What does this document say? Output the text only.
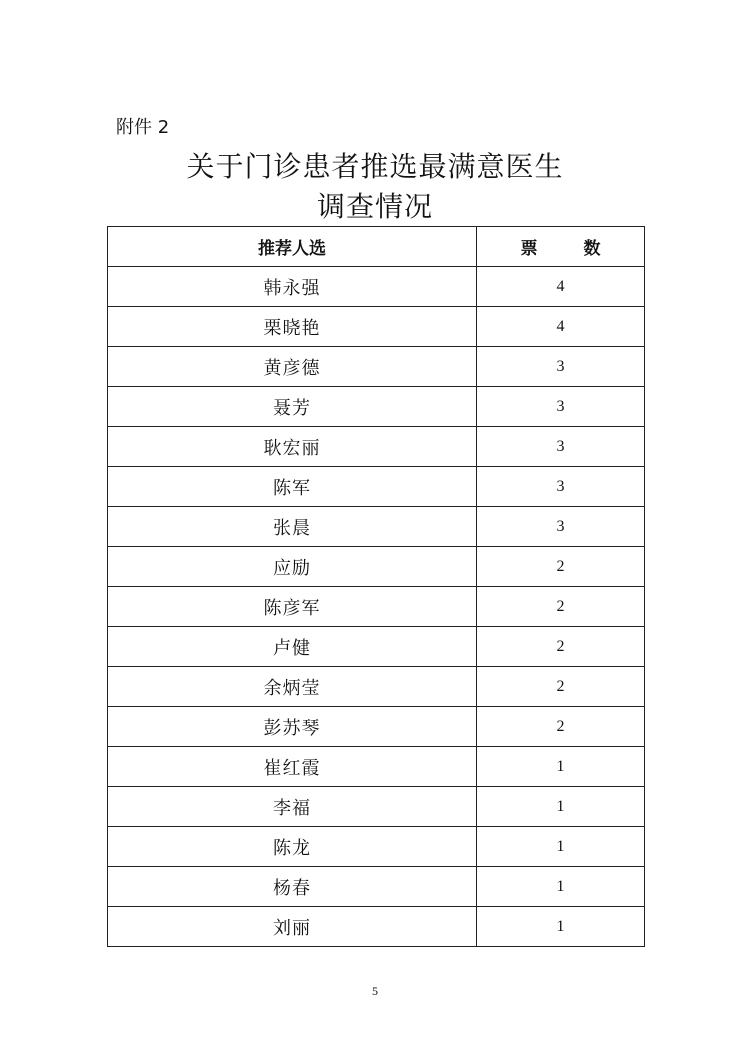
附件 2
关于门诊患者推选最满意医生
调查情况
推荐人选	票 数
韩永强	4
栗晓艳	4
黄彦德	3
聂芳	3
耿宏丽	3
陈军	3
张晨	3
应励	2
陈彦军	2
卢健	2
余炳莹	2
彭苏琴	2
崔红霞	1
李福	1
陈龙	1
杨春	1
刘丽	1
5
